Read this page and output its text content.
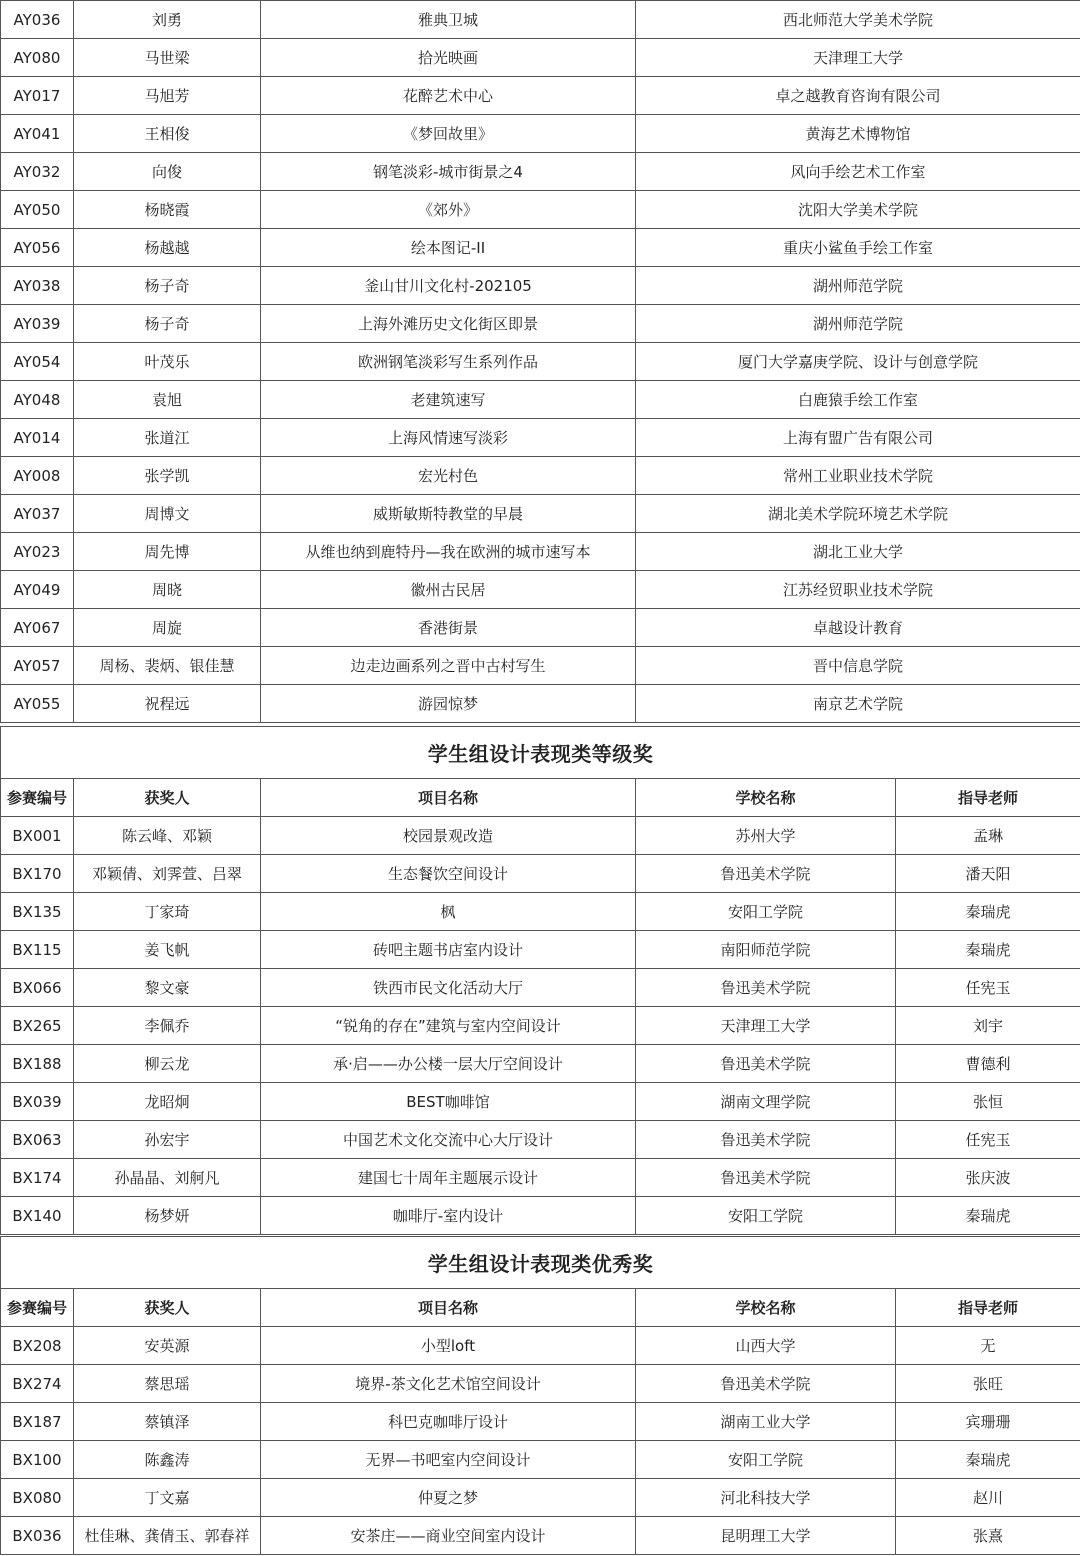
AY036	刘勇	雅典卫城	西北师范大学美术学院
AY080	马世梁	拾光映画	天津理工大学
AY017	马旭芳	花醉艺术中心	卓之越教育咨询有限公司
AY041	王相俊	《梦回故里》	黄海艺术博物馆
AY032	向俊	钢笔淡彩-城市街景之4	风向手绘艺术工作室
AY050	杨晓霞	《郊外》	沈阳大学美术学院
AY056	杨越越	绘本图记-II	重庆小鲨鱼手绘工作室
AY038	杨子奇	釜山甘川文化村-202105	湖州师范学院
AY039	杨子奇	上海外滩历史文化街区即景	湖州师范学院
AY054	叶茂乐	欧洲钢笔淡彩写生系列作品	厦门大学嘉庚学院、设计与创意学院
AY048	袁旭	老建筑速写	白鹿猿手绘工作室
AY014	张道江	上海风情速写淡彩	上海有盟广告有限公司
AY008	张学凯	宏光村色	常州工业职业技术学院
AY037	周博文	威斯敏斯特教堂的早晨	湖北美术学院环境艺术学院
AY023	周先博	从维也纳到鹿特丹—我在欧洲的城市速写本	湖北工业大学
AY049	周晓	徽州古民居	江苏经贸职业技术学院
AY067	周旋	香港街景	卓越设计教育
AY057	周杨、裴炳、银佳慧	边走边画系列之晋中古村写生	晋中信息学院
AY055	祝程远	游园惊梦	南京艺术学院
学生组设计表现类等级奖				
参赛编号	获奖人	项目名称	学校名称	指导老师
BX001	陈云峰、邓颖	校园景观改造	苏州大学	孟琳
BX170	邓颖倩、刘霁萱、吕翠	生态餐饮空间设计	鲁迅美术学院	潘天阳
BX135	丁家琦	枫	安阳工学院	秦瑞虎
BX115	姜飞帆	砖吧主题书店室内设计	南阳师范学院	秦瑞虎
BX066	黎文豪	铁西市民文化活动大厅	鲁迅美术学院	任宪玉
BX265	李佩乔	“锐角的存在”建筑与室内空间设计	天津理工大学	刘宇
BX188	柳云龙	承·启——办公楼一层大厅空间设计	鲁迅美术学院	曹德利
BX039	龙昭炯	BEST咖啡馆	湖南文理学院	张恒
BX063	孙宏宇	中国艺术文化交流中心大厅设计	鲁迅美术学院	任宪玉
BX174	孙晶晶、刘舸凡	建国七十周年主题展示设计	鲁迅美术学院	张庆波
BX140	杨梦妍	咖啡厅-室内设计	安阳工学院	秦瑞虎
学生组设计表现类优秀奖				
参赛编号	获奖人	项目名称	学校名称	指导老师
BX208	安英源	小型loft	山西大学	无
BX274	蔡思瑶	境界-茶文化艺术馆空间设计	鲁迅美术学院	张旺
BX187	蔡镇泽	科巴克咖啡厅设计	湖南工业大学	宾珊珊
BX100	陈鑫涛	无界—书吧室内空间设计	安阳工学院	秦瑞虎
BX080	丁文嘉	仲夏之梦	河北科技大学	赵川
BX036	杜佳琳、龚倩玉、郭春祥	安茶庄——商业空间室内设计	昆明理工大学	张熹
